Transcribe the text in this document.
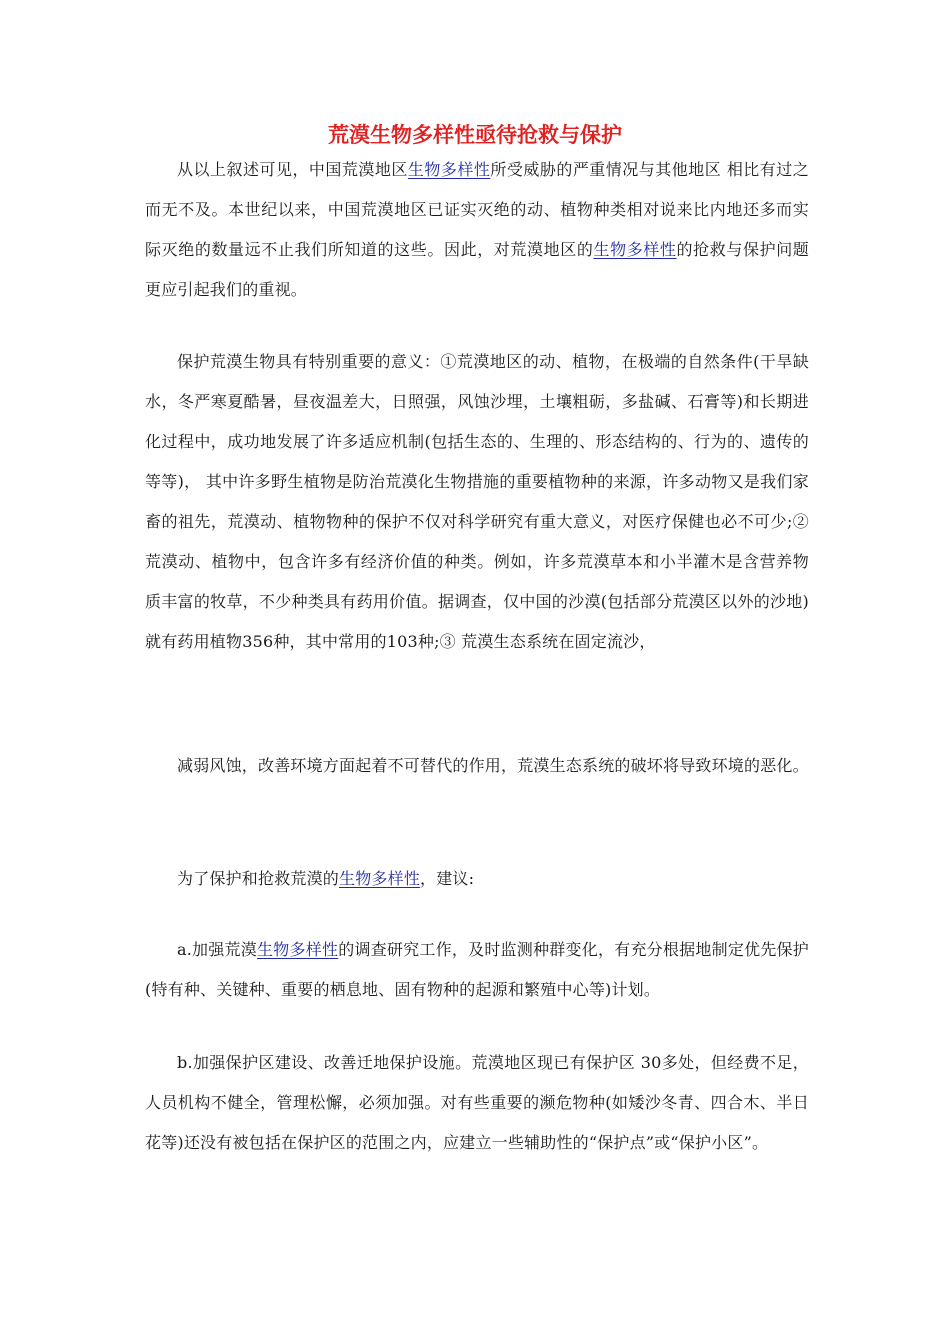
荒漠生物多样性亟待抢救与保护

从以上叙述可见，中国荒漠地区生物多样性所受威胁的严重情况与其他地区 相比有过之而无不及。本世纪以来，中国荒漠地区已证实灭绝的动、植物种类相对说来比内地还多而实际灭绝的数量远不止我们所知道的这些。因此，对荒漠地区的生物多样性的抢救与保护问题更应引起我们的重视。

保护荒漠生物具有特别重要的意义：①荒漠地区的动、植物，在极端的自然条件(干旱缺水，冬严寒夏酷暑，昼夜温差大，日照强，风蚀沙埋，土壤粗砺，多盐碱、石膏等)和长期进化过程中，成功地发展了许多适应机制(包括生态的、生理的、形态结构的、行为的、遗传的等等)， 其中许多野生植物是防治荒漠化生物措施的重要植物种的来源，许多动物又是我们家畜的祖先，荒漠动、植物物种的保护不仅对科学研究有重大意义，对医疗保健也必不可少;② 荒漠动、植物中，包含许多有经济价值的种类。例如，许多荒漠草本和小半灌木是含营养物质丰富的牧草，不少种类具有药用价值。据调查，仅中国的沙漠(包括部分荒漠区以外的沙地)就有药用植物356种，其中常用的103种;③ 荒漠生态系统在固定流沙，

减弱风蚀，改善环境方面起着不可替代的作用，荒漠生态系统的破坏将导致环境的恶化。

为了保护和抢救荒漠的生物多样性，建议:

a.加强荒漠生物多样性的调查研究工作，及时监测种群变化，有充分根据地制定优先保护(特有种、关键种、重要的栖息地、固有物种的起源和繁殖中心等)计划。

b.加强保护区建设、改善迁地保护设施。荒漠地区现已有保护区 30多处，但经费不足，人员机构不健全，管理松懈，必须加强。对有些重要的濒危物种(如矮沙冬青、四合木、半日花等)还没有被包括在保护区的范围之内，应建立一些辅助性的“保护点”或“保护小区”。
